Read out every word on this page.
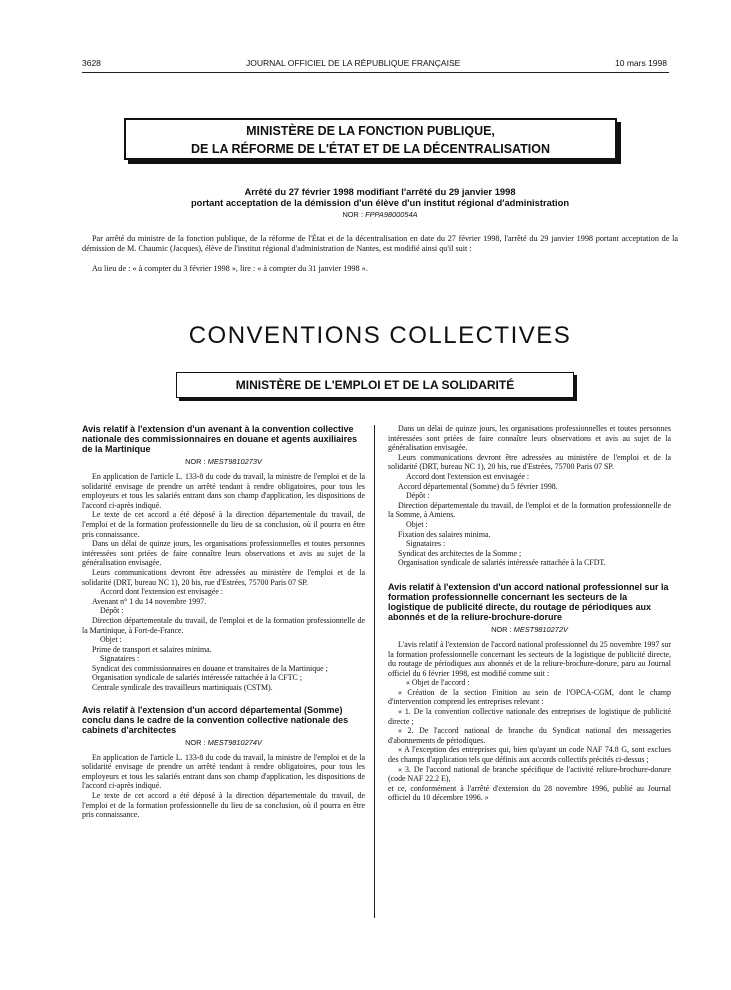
3628	JOURNAL OFFICIEL DE LA RÉPUBLIQUE FRANÇAISE	10 mars 1998
MINISTÈRE DE LA FONCTION PUBLIQUE,
DE LA RÉFORME DE L'ÉTAT ET DE LA DÉCENTRALISATION
Arrêté du 27 février 1998 modifiant l'arrêté du 29 janvier 1998
portant acceptation de la démission d'un élève d'un institut régional d'administration
NOR : FPPA9800054A
Par arrêté du ministre de la fonction publique, de la réforme de l'État et de la décentralisation en date du 27 février 1998, l'arrêté du 29 janvier 1998 portant acceptation de la démission de M. Chaumic (Jacques), élève de l'institut régional d'administration de Nantes, est modifié ainsi qu'il suit :
Au lieu de : « à compter du 3 février 1998 », lire : « à compter du 31 janvier 1998 ».
CONVENTIONS COLLECTIVES
MINISTÈRE DE L'EMPLOI ET DE LA SOLIDARITÉ

Avis relatif à l'extension d'un avenant à la convention collective nationale des commissionnaires en douane et agents auxiliaires de la Martinique

NOR : MEST9810273V

En application de l'article L. 133-8 du code du travail, la ministre de l'emploi et de la solidarité envisage de prendre un arrêté tendant à rendre obligatoires, pour tous les employeurs et tous les salariés entrant dans son champ d'application, les dispositions de l'accord ci-après indiqué.

Le texte de cet accord a été déposé à la direction départementale du travail, de l'emploi et de la formation professionnelle du lieu de sa conclusion, où il pourra en être pris connaissance.

Dans un délai de quinze jours, les organisations professionnelles et toutes personnes intéressées sont priées de faire connaître leurs observations et avis au sujet de la généralisation envisagée.

Leurs communications devront être adressées au ministère de l'emploi et de la solidarité (DRT, bureau NC 1), 20 bis, rue d'Estrées, 75700 Paris 07 SP.

Accord dont l'extension est envisagée :

Avenant n° 1 du 14 novembre 1997.

Dépôt :

Direction départementale du travail, de l'emploi et de la formation professionnelle de la Martinique, à Fort-de-France.

Objet :

Prime de transport et salaires minima.

Signataires :

Syndicat des commissionnaires en douane et transitaires de la Martinique ;

Organisation syndicale de salariés intéressée rattachée à la CFTC ;

Centrale syndicale des travailleurs martiniquais (CSTM).

Avis relatif à l'extension d'un accord départemental (Somme) conclu dans le cadre de la convention collective nationale des cabinets d'architectes

NOR : MEST9810274V

En application de l'article L. 133-8 du code du travail, la ministre de l'emploi et de la solidarité envisage de prendre un arrêté tendant à rendre obligatoires, pour tous les employeurs et tous les salariés entrant dans son champ d'application, les dispositions de l'accord ci-après indiqué.

Le texte de cet accord a été déposé à la direction départementale du travail, de l'emploi et de la formation professionnelle du lieu de sa conclusion, où il pourra en être pris connaissance.

Dans un délai de quinze jours, les organisations professionnelles et toutes personnes intéressées sont priées de faire connaître leurs observations et avis au sujet de la généralisation envisagée.

Leurs communications devront être adressées au ministère de l'emploi et de la solidarité (DRT, bureau NC 1), 20 bis, rue d'Estrées, 75700 Paris 07 SP.

Accord dont l'extension est envisagée :

Accord départemental (Somme) du 5 février 1998.

Dépôt :

Direction départementale du travail, de l'emploi et de la formation professionnelle de la Somme, à Amiens.

Objet :

Fixation des salaires minima.

Signataires :

Syndicat des architectes de la Somme ;

Organisation syndicale de salariés intéressée rattachée à la CFDT.

Avis relatif à l'extension d'un accord national professionnel sur la formation professionnelle concernant les secteurs de la logistique de publicité directe, du routage de périodiques aux abonnés et de la reliure-brochure-dorure

NOR : MEST9810272V

L'avis relatif à l'extension de l'accord national professionnel du 25 novembre 1997 sur la formation professionnelle concernant les secteurs de la logistique de publicité directe, du routage de périodiques aux abonnés et de la reliure-brochure-dorure, paru au Journal officiel du 6 février 1998, est modifié comme suit :

« Objet de l'accord :

« Création de la section Finition au sein de l'OPCA-CGM, dont le champ d'intervention comprend les entreprises relevant :

« 1. De la convention collective nationale des entreprises de logistique de publicité directe ;

« 2. De l'accord national de branche du Syndicat national des messageries d'abonnements de périodiques.

« A l'exception des entreprises qui, bien qu'ayant un code NAF 74.8 G, sont exclues des champs d'application tels que définis aux accords collectifs précités ci-dessus ;

« 3. De l'accord national de branche spécifique de l'activité reliure-brochure-dorure (code NAF 22.2 E),

et ce, conformément à l'arrêté d'extension du 28 novembre 1996, publié au Journal officiel du 10 décembre 1996. »
